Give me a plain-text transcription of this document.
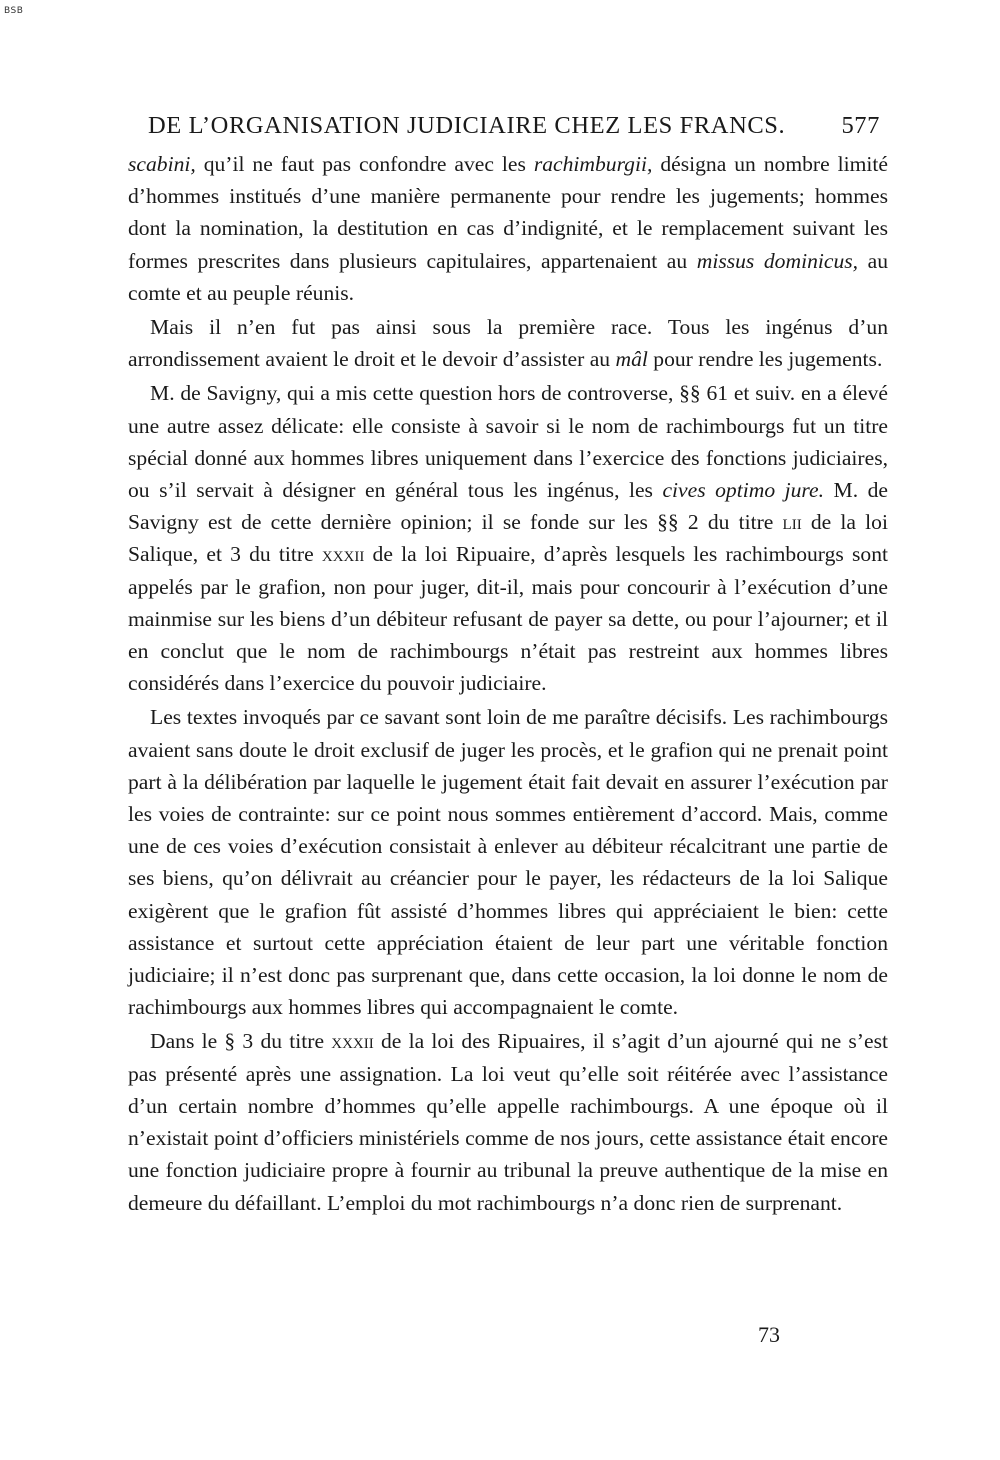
BSB
DE L’ORGANISATION JUDICIAIRE CHEZ LES FRANCS. 577

scabini, qu’il ne faut pas confondre avec les rachimburgii, désigna un nombre limité d’hommes institués d’une manière permanente pour rendre les jugements; hommes dont la nomination, la destitution en cas d’indignité, et le remplacement suivant les formes prescrites dans plusieurs capitulaires, appartenaient au missus dominicus, au comte et au peuple réunis.

Mais il n’en fut pas ainsi sous la première race. Tous les ingénus d’un arrondissement avaient le droit et le devoir d’assister au mâl pour rendre les jugements.

M. de Savigny, qui a mis cette question hors de controverse, §§ 61 et suiv. en a élevé une autre assez délicate: elle consiste à savoir si le nom de rachimbourgs fut un titre spécial donné aux hommes libres uniquement dans l’exercice des fonctions judiciaires, ou s’il servait à désigner en général tous les ingénus, les cives optimo jure. M. de Savigny est de cette dernière opinion; il se fonde sur les §§ 2 du titre lii de la loi Salique, et 3 du titre xxxii de la loi Ripuaire, d’après lesquels les rachimbourgs sont appelés par le grafion, non pour juger, dit-il, mais pour concourir à l’exécution d’une mainmise sur les biens d’un débiteur refusant de payer sa dette, ou pour l’ajourner; et il en conclut que le nom de rachimbourgs n’était pas restreint aux hommes libres considérés dans l’exercice du pouvoir judiciaire.

Les textes invoqués par ce savant sont loin de me paraître décisifs. Les rachimbourgs avaient sans doute le droit exclusif de juger les procès, et le grafion qui ne prenait point part à la délibération par laquelle le jugement était fait devait en assurer l’exécution par les voies de contrainte: sur ce point nous sommes entièrement d’accord. Mais, comme une de ces voies d’exécution consistait à enlever au débiteur récalcitrant une partie de ses biens, qu’on délivrait au créancier pour le payer, les rédacteurs de la loi Salique exigèrent que le grafion fût assisté d’hommes libres qui appréciaient le bien: cette assistance et surtout cette appréciation étaient de leur part une véritable fonction judiciaire; il n’est donc pas surprenant que, dans cette occasion, la loi donne le nom de rachimbourgs aux hommes libres qui accompagnaient le comte.

Dans le § 3 du titre xxxii de la loi des Ripuaires, il s’agit d’un ajourné qui ne s’est pas présenté après une assignation. La loi veut qu’elle soit réitérée avec l’assistance d’un certain nombre d’hommes qu’elle appelle rachimbourgs. A une époque où il n’existait point d’officiers ministériels comme de nos jours, cette assistance était encore une fonction judiciaire propre à fournir au tribunal la preuve authentique de la mise en demeure du défaillant. L’emploi du mot rachimbourgs n’a donc rien de surprenant.

73
